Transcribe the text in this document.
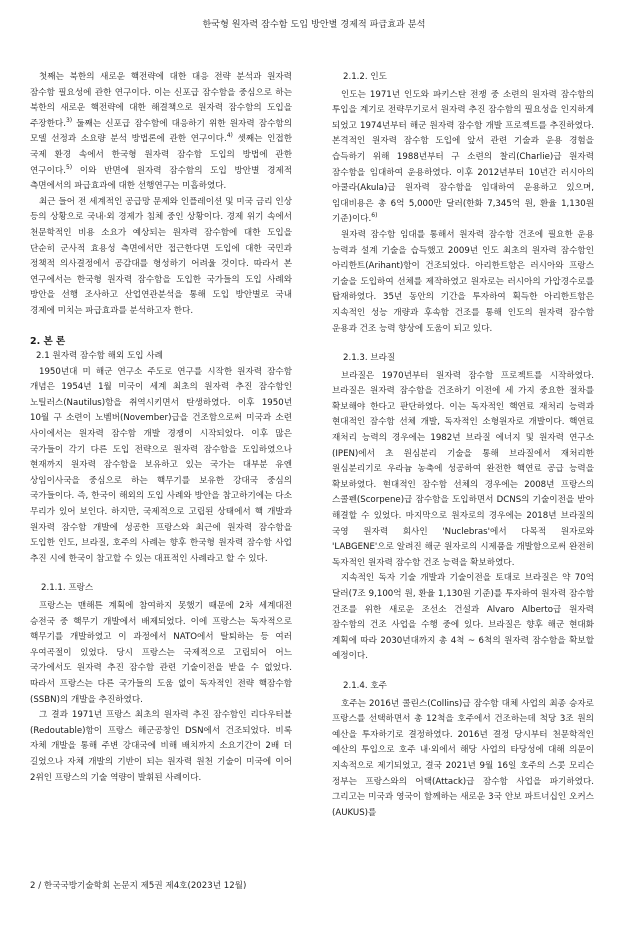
한국형 원자력 잠수함 도입 방안별 경제적 파급효과 분석

첫째는 북한의 새로운 핵전략에 대한 대응 전략 분석과 원자력 잠수함 필요성에 관한 연구이다. 이는 신포급 잠수함을 중심으로 하는 북한의 새로운 핵전략에 대한 해결책으로 원자력 잠수함의 도입을 주장한다.$^{3)}$ 둘째는 신포급 잠수함에 대응하기 위한 원자력 잠수함의 모델 선정과 소요량 분석 방법론에 관한 연구이다.$^{4)}$ 셋째는 인접한 국제 환경 속에서 한국형 원자력 잠수함 도입의 방법에 관한 연구이다.$^{5)}$ 이와 반면에 원자력 잠수함의 도입 방안별 경제적 측면에서의 파급효과에 대한 선행연구는 미흡하였다.

최근 들어 전 세계적인 공급망 문제와 인플레이션 및 미국 금리 인상 등의 상황으로 국내·외 경제가 침체 중인 상황이다. 경제 위기 속에서 천문학적인 비용 소요가 예상되는 원자력 잠수함에 대한 도입을 단순히 군사적 효용성 측면에서만 접근한다면 도입에 대한 국민과 정책적 의사결정에서 공감대를 형성하기 어려울 것이다. 따라서 본 연구에서는 한국형 원자력 잠수함을 도입한 국가들의 도입 사례와 방안을 선행 조사하고 산업연관분석을 통해 도입 방안별로 국내 경제에 미치는 파급효과를 분석하고자 한다.

2. 본 론
2.1 원자력 잠수함 해외 도입 사례

1950년대 미 해군 연구소 주도로 연구를 시작한 원자력 잠수함 개념은 1954년 1월 미국이 세계 최초의 원자력 추진 잠수함인 노틸러스(Nautilus)함을 취역시키면서 탄생하였다. 이후 1950년 10월 구 소련이 노벰버(November)급을 건조함으로써 미국과 소련 사이에서는 원자력 잠수함 개발 경쟁이 시작되었다. 이후 많은 국가들이 각기 다른 도입 전략으로 원자력 잠수함을 도입하였으나 현재까지 원자력 잠수함을 보유하고 있는 국가는 대부분 유엔 상임이사국을 중심으로 하는 핵무기를 보유한 강대국 중심의 국가들이다. 즉, 한국이 해외의 도입 사례와 방안을 참고하기에는 다소 무리가 있어 보인다. 하지만, 국제적으로 고립된 상태에서 핵 개발과 원자력 잠수함 개발에 성공한 프랑스와 최근에 원자력 잠수함을 도입한 인도, 브라질, 호주의 사례는 향후 한국형 원자력 잠수함 사업 추진 시에 한국이 참고할 수 있는 대표적인 사례라고 할 수 있다.

2.1.1. 프랑스

프랑스는 맨해튼 계획에 참여하지 못했기 때문에 2차 세계대전 승전국 중 핵무기 개발에서 배제되었다. 이에 프랑스는 독자적으로 핵무기를 개발하였고 이 과정에서 NATO에서 탈퇴하는 등 여러 우여곡절이 있었다. 당시 프랑스는 국제적으로 고립되어 어느 국가에서도 원자력 추진 잠수함 관련 기술이전을 받을 수 없었다. 따라서 프랑스는 다른 국가들의 도움 없이 독자적인 전략 핵잠수함(SSBN)의 개발을 추진하였다.

그 결과 1971년 프랑스 최초의 원자력 추진 잠수함인 리다우터블(Redoutable)함이 프랑스 해군공창인 DSN에서 건조되었다. 비록 자체 개발을 통해 주변 강대국에 비해 배치까지 소요기간이 2배 더 길었으나 자체 개발의 기반이 되는 원자력 원천 기술이 미국에 이어 2위인 프랑스의 기술 역량이 발휘된 사례이다.

2.1.2. 인도

인도는 1971년 인도와 파키스탄 전쟁 중 소련의 원자력 잠수함의 투입을 계기로 전략무기로서 원자력 추진 잠수함의 필요성을 인지하게 되었고 1974년부터 해군 원자력 잠수함 개발 프로젝트를 추진하였다. 본격적인 원자력 잠수함 도입에 앞서 관련 기술과 운용 경험을 습득하기 위해 1988년부터 구 소련의 찰리(Charlie)급 원자력 잠수함을 임대하여 운용하였다. 이후 2012년부터 10년간 러시아의 아쿨라(Akula)급 원자력 잠수함을 임대하여 운용하고 있으며, 임대비용은 총 6억 5,000만 달러(한화 7,345억 원, 환율 1,130원 기준)이다.$^{6)}$

원자력 잠수함 임대를 통해서 원자력 잠수함 건조에 필요한 운용 능력과 설계 기술을 습득했고 2009년 인도 최초의 원자력 잠수함인 아리한트(Arihant)함이 건조되었다. 아리한트함은 러시아와 프랑스 기술을 도입하여 선체를 제작하였고 원자로는 러시아의 가압경수로를 탑재하였다. 35년 동안의 기간을 투자하여 획득한 아리한트함은 지속적인 성능 개량과 후속함 건조를 통해 인도의 원자력 잠수함 운용과 건조 능력 향상에 도움이 되고 있다.

2.1.3. 브라질

브라질은 1970년부터 원자력 잠수함 프로젝트를 시작하였다. 브라질은 원자력 잠수함을 건조하기 이전에 세 가지 중요한 절차를 확보해야 한다고 판단하였다. 이는 독자적인 핵연료 재처리 능력과 현대적인 잠수함 선체 개발, 독자적인 소형원자로 개발이다. 핵연료 재처리 능력의 경우에는 1982년 브라질 에너지 및 원자력 연구소(IPEN)에서 초 원심분리 기술을 통해 브라질에서 재처리한 원심분리기로 우라늄 농축에 성공하여 완전한 핵연료 공급 능력을 확보하였다. 현대적인 잠수함 선체의 경우에는 2008년 프랑스의 스콜펜(Scorpene)급 잠수함을 도입하면서 DCNS의 기술이전을 받아 해결할 수 있었다. 마지막으로 원자로의 경우에는 2018년 브라질의 국영 원자력 회사인 'Nuclebras'에서 다목적 원자로와 'LABGENE'으로 알려진 해군 원자로의 시제품을 개발함으로써 완전히 독자적인 원자력 잠수함 건조 능력을 확보하였다.

지속적인 독자 기술 개발과 기술이전을 토대로 브라질은 약 70억 달러(7조 9,100억 원, 환율 1,130원 기준)를 투자하여 원자력 잠수함 건조를 위한 새로운 조선소 건설과 Alvaro Alberto급 원자력 잠수함의 건조 사업을 수행 중에 있다. 브라질은 향후 해군 현대화 계획에 따라 2030년대까지 총 4척 ~ 6척의 원자력 잠수함을 확보할 예정이다.

2.1.4. 호주

호주는 2016년 콜린스(Collins)급 잠수함 대체 사업의 최종 승자로 프랑스를 선택하면서 총 12척을 호주에서 건조하는데 척당 3조 원의 예산을 투자하기로 결정하였다. 2016년 결정 당시부터 천문학적인 예산의 투입으로 호주 내·외에서 해당 사업의 타당성에 대해 의문이 지속적으로 제기되었고, 결국 2021년 9월 16일 호주의 스콧 모리슨 정부는 프랑스와의 어택(Attack)급 잠수함 사업을 파기하였다. 그리고는 미국과 영국이 함께하는 새로운 3국 안보 파트너십인 오커스(AUKUS)를

2 / 한국국방기술학회 논문지 제5권 제4호(2023년 12월)
